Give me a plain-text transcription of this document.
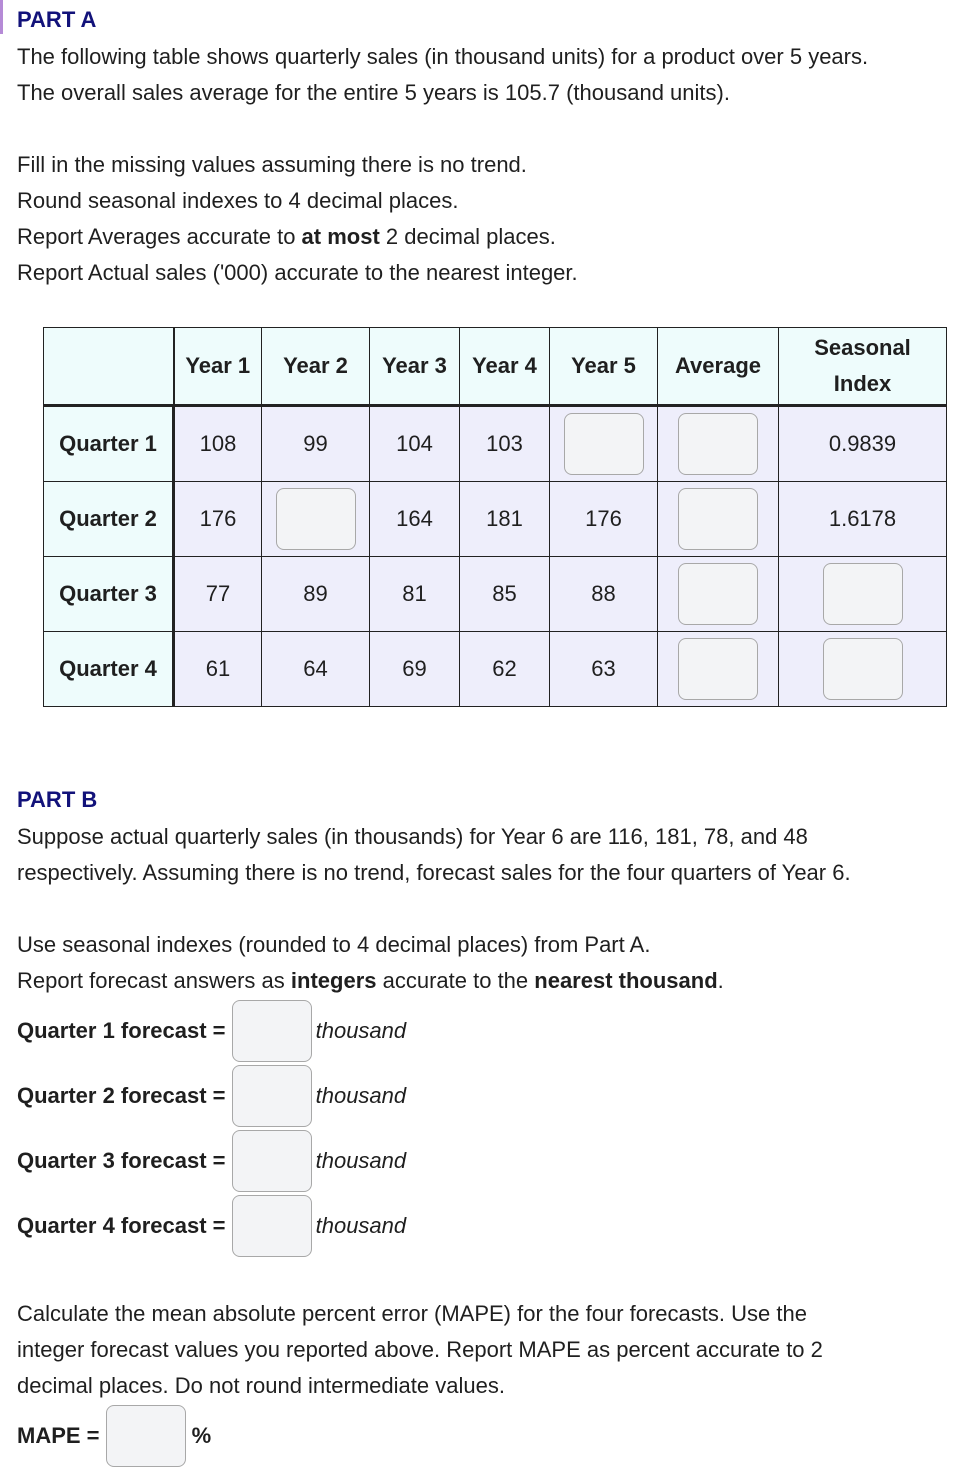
PART A

The following table shows quarterly sales (in thousand units) for a product over 5 years.

The overall sales average for the entire 5 years is 105.7 (thousand units).

Fill in the missing values assuming there is no trend.

Round seasonal indexes to 4 decimal places.

Report Averages accurate to at most 2 decimal places.

Report Actual sales ('000) accurate to the nearest integer.

	Year 1	Year 2	Year 3	Year 4	Year 5	Average	Seasonal Index
Quarter 1	108	99	104	103			0.9839
Quarter 2	176		164	181	176		1.6178
Quarter 3	77	89	81	85	88		
Quarter 4	61	64	69	62	63		
PART B

Suppose actual quarterly sales (in thousands) for Year 6 are 116, 181, 78, and 48

respectively. Assuming there is no trend, forecast sales for the four quarters of Year 6.

Use seasonal indexes (rounded to 4 decimal places) from Part A.

Report forecast answers as integers accurate to the nearest thousand.

Quarter 1 forecast =	thousand
Quarter 2 forecast =	thousand
Quarter 3 forecast =	thousand
Quarter 4 forecast =	thousand

Calculate the mean absolute percent error (MAPE) for the four forecasts. Use the

integer forecast values you reported above. Report MAPE as percent accurate to 2

decimal places. Do not round intermediate values.

MAPE =	%
